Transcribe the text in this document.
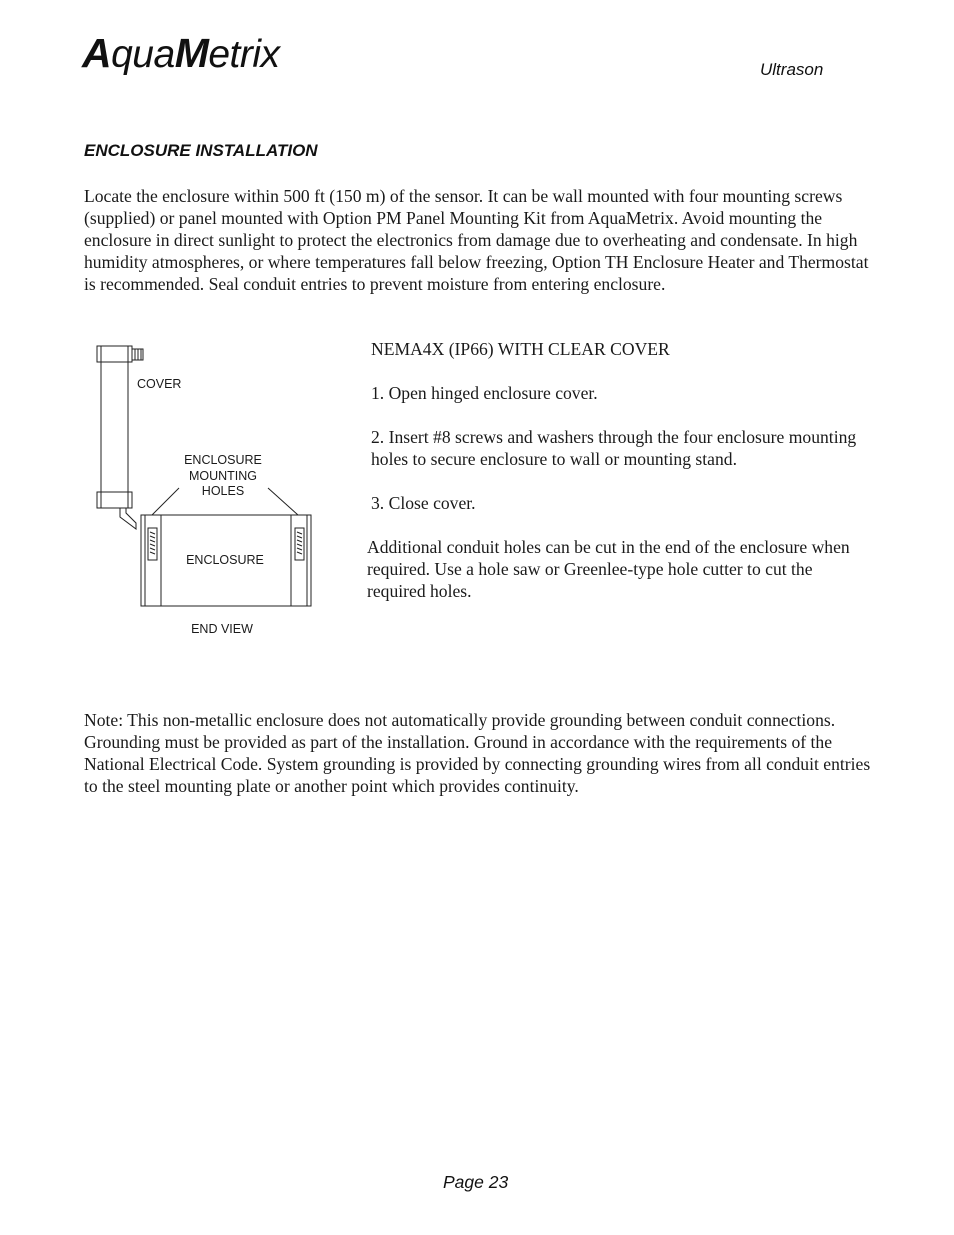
AquaMetrix	Ultrason
ENCLOSURE INSTALLATION

Locate the enclosure within 500 ft (150 m) of the sensor. It can be wall mounted with four mounting screws (supplied) or panel mounted with Option PM Panel Mounting Kit from AquaMetrix. Avoid mounting the enclosure in direct sunlight to protect the electronics from damage due to overheating and condensate. In high humidity atmospheres, or where temperatures fall below freezing, Option TH Enclosure Heater and Thermostat is recommended. Seal conduit entries to prevent moisture from entering enclosure.

COVER
ENCLOSURE
MOUNTING
HOLES
ENCLOSURE
END VIEW

NEMA4X (IP66) WITH CLEAR COVER

1. Open hinged enclosure cover.

2. Insert #8 screws and washers through the four enclosure mounting holes to secure enclosure to wall or mounting stand.

3. Close cover.

Additional conduit holes can be cut in the end of the enclosure when required. Use a hole saw or Greenlee-type hole cutter to cut the required holes.

Note: This non-metallic enclosure does not automatically provide grounding between conduit connections. Grounding must be provided as part of the installation. Ground in accordance with the requirements of the National Electrical Code. System grounding is provided by connecting grounding wires from all conduit entries to the steel mounting plate or another point which provides continuity.

Page 23
